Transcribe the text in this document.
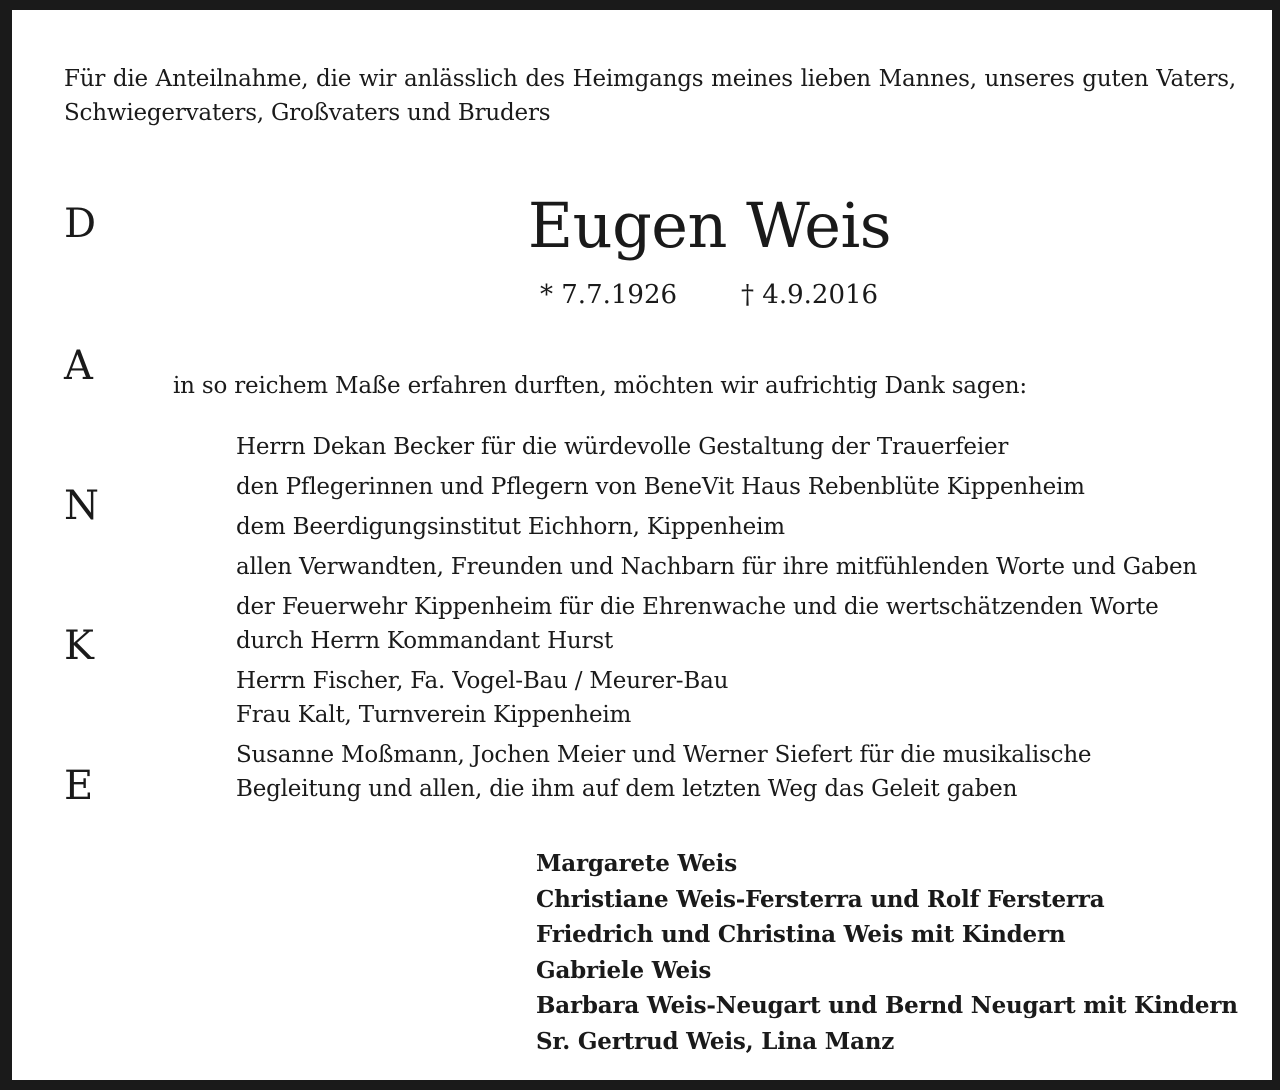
Für die Anteilnahme, die wir anlässlich des Heimgangs meines lieben Mannes, unseres guten Vaters, Schwiegervaters, Großvaters und Bruders

Eugen Weis
* 7.7.1926 † 4.9.2016
D
A
N
K
E

in so reichem Maße erfahren durften, möchten wir aufrichtig Dank sagen:

Herrn Dekan Becker für die würdevolle Gestaltung der Trauerfeier
den Pflegerinnen und Pflegern von BeneVit Haus Rebenblüte Kippenheim
dem Beerdigungsinstitut Eichhorn, Kippenheim
allen Verwandten, Freunden und Nachbarn für ihre mitfühlenden Worte und Gaben
der Feuerwehr Kippenheim für die Ehrenwache und die wertschätzenden Worte
durch Herrn Kommandant Hurst
Herrn Fischer, Fa. Vogel-Bau / Meurer-Bau
Frau Kalt, Turnverein Kippenheim
Susanne Moßmann, Jochen Meier und Werner Siefert für die musikalische
Begleitung und allen, die ihm auf dem letzten Weg das Geleit gaben
Margarete Weis
Christiane Weis-Fersterra und Rolf Fersterra
Friedrich und Christina Weis mit Kindern
Gabriele Weis
Barbara Weis-Neugart und Bernd Neugart mit Kindern
Sr. Gertrud Weis, Lina Manz
